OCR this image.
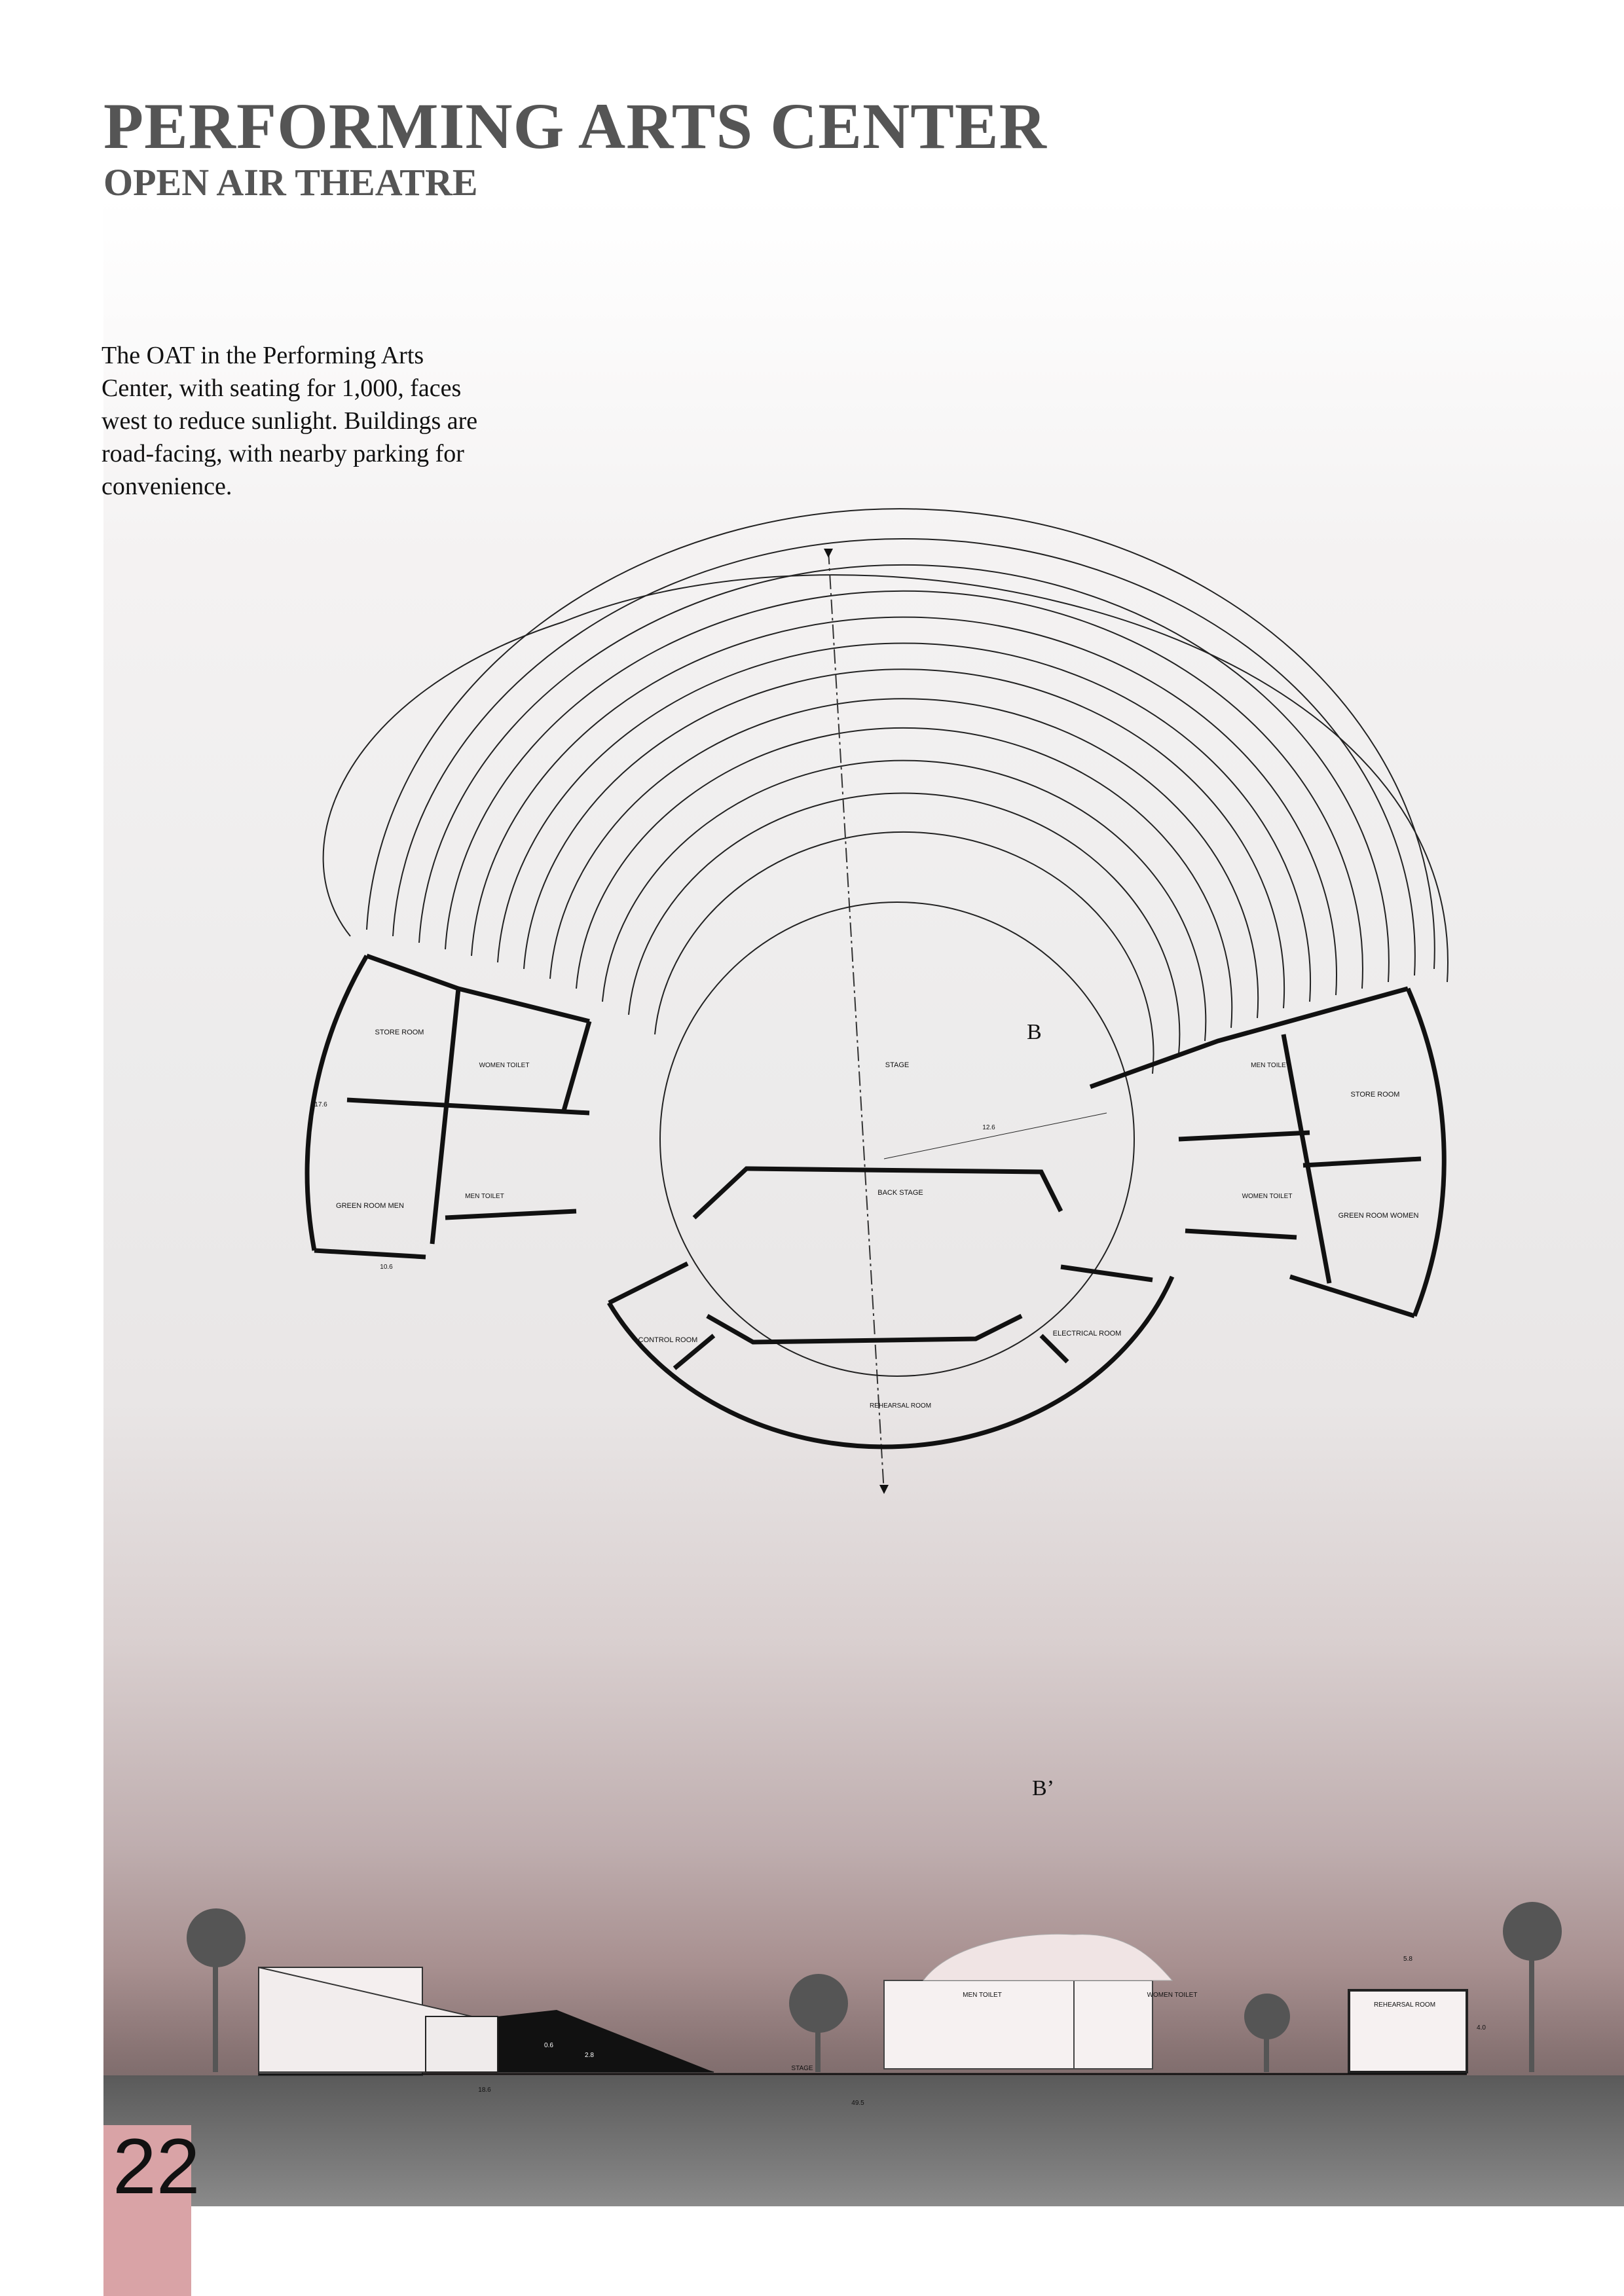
PERFORMING ARTS CENTER
OPEN AIR THEATRE
The OAT in the Performing Arts Center, with seating for 1,000, faces west to reduce sunlight. Buildings are road-facing, with nearby parking for convenience.
B
B’
STAGE
12.6
BACK STAGE
CONTROL ROOM
ELECTRICAL ROOM
REHEARSAL ROOM
STORE ROOM
WOMEN TOILET
GREEN ROOM MEN
MEN TOILET
10.6
17.6
MEN TOILET
STORE ROOM
WOMEN TOILET
GREEN ROOM WOMEN
MEN TOILET	WOMEN TOILET
REHEARSAL ROOM
STAGE
5.8
4.0
18.6
49.5
0.6
2.8
22
